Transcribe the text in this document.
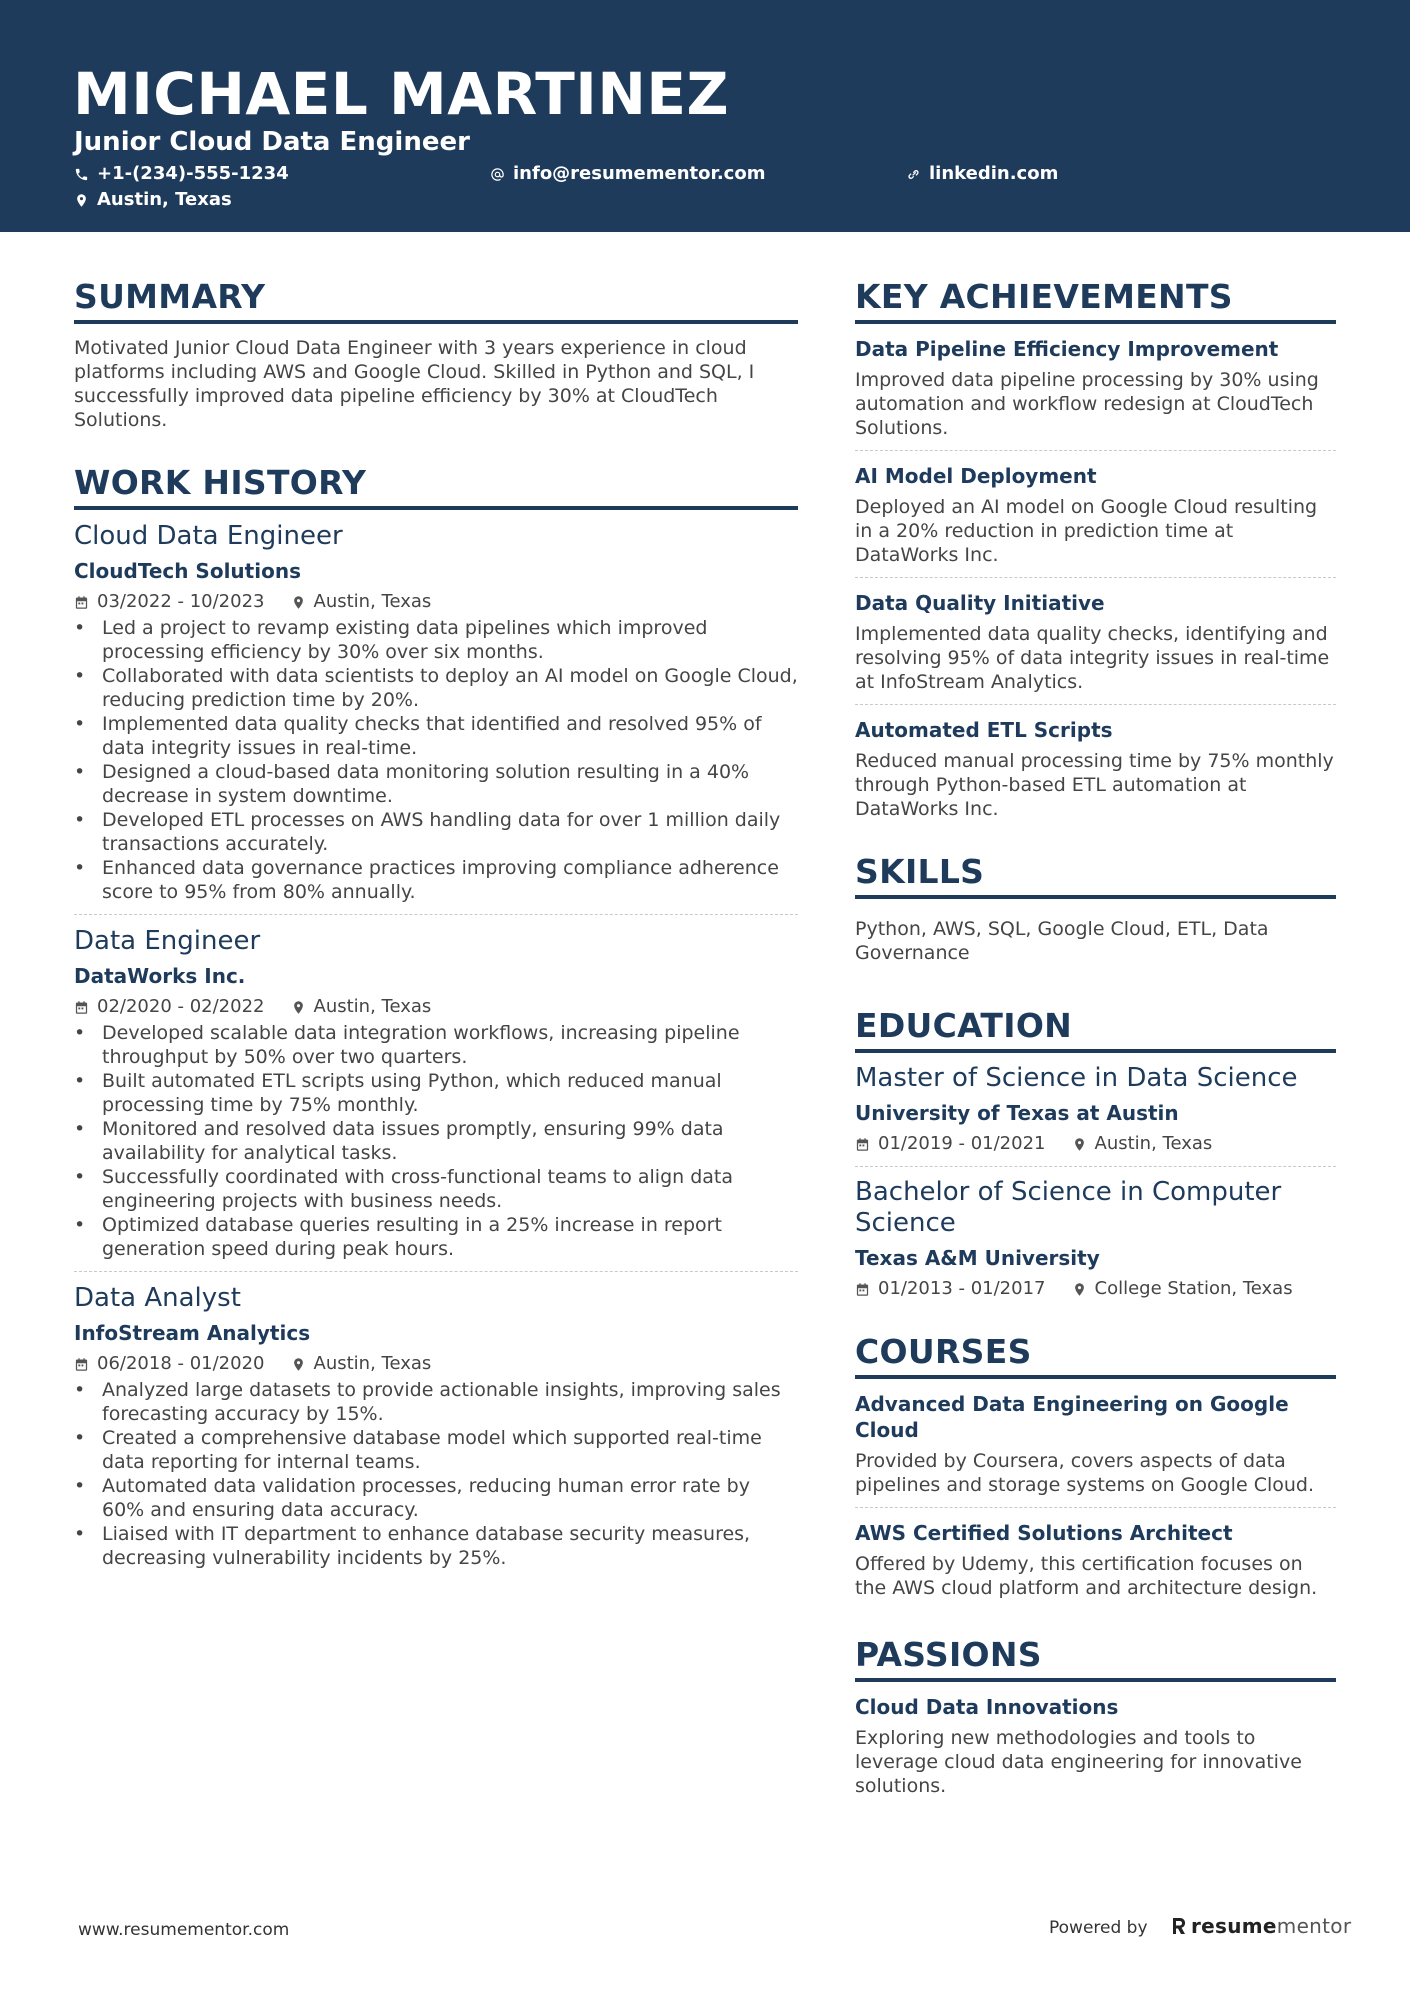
MICHAEL MARTINEZ
Junior Cloud Data Engineer
+1-(234)-555-1234	info@resumementor.com	linkedin.com
Austin, Texas
SUMMARY

Motivated Junior Cloud Data Engineer with 3 years experience in cloud platforms including AWS and Google Cloud. Skilled in Python and SQL, I successfully improved data pipeline efficiency by 30% at CloudTech Solutions.

WORK HISTORY
Cloud Data Engineer
CloudTech Solutions
03/2022 - 10/2023	Austin, Texas
• Led a project to revamp existing data pipelines which improved processing efficiency by 30% over six months.
• Collaborated with data scientists to deploy an AI model on Google Cloud, reducing prediction time by 20%.
• Implemented data quality checks that identified and resolved 95% of data integrity issues in real-time.
• Designed a cloud-based data monitoring solution resulting in a 40% decrease in system downtime.
• Developed ETL processes on AWS handling data for over 1 million daily transactions accurately.
• Enhanced data governance practices improving compliance adherence score to 95% from 80% annually.
Data Engineer
DataWorks Inc.
02/2020 - 02/2022	Austin, Texas
• Developed scalable data integration workflows, increasing pipeline throughput by 50% over two quarters.
• Built automated ETL scripts using Python, which reduced manual processing time by 75% monthly.
• Monitored and resolved data issues promptly, ensuring 99% data availability for analytical tasks.
• Successfully coordinated with cross-functional teams to align data engineering projects with business needs.
• Optimized database queries resulting in a 25% increase in report generation speed during peak hours.
Data Analyst
InfoStream Analytics
06/2018 - 01/2020	Austin, Texas
• Analyzed large datasets to provide actionable insights, improving sales forecasting accuracy by 15%.
• Created a comprehensive database model which supported real-time data reporting for internal teams.
• Automated data validation processes, reducing human error rate by 60% and ensuring data accuracy.
• Liaised with IT department to enhance database security measures, decreasing vulnerability incidents by 25%.
KEY ACHIEVEMENTS
Data Pipeline Efficiency Improvement
Improved data pipeline processing by 30% using automation and workflow redesign at CloudTech Solutions.
AI Model Deployment
Deployed an AI model on Google Cloud resulting in a 20% reduction in prediction time at DataWorks Inc.
Data Quality Initiative
Implemented data quality checks, identifying and resolving 95% of data integrity issues in real-time at InfoStream Analytics.
Automated ETL Scripts
Reduced manual processing time by 75% monthly through Python-based ETL automation at DataWorks Inc.
SKILLS
Python, AWS, SQL, Google Cloud, ETL, Data Governance
EDUCATION
Master of Science in Data Science
University of Texas at Austin
01/2019 - 01/2021	Austin, Texas
Bachelor of Science in Computer Science
Texas A&M University
01/2013 - 01/2017	College Station, Texas
COURSES
Advanced Data Engineering on Google Cloud
Provided by Coursera, covers aspects of data pipelines and storage systems on Google Cloud.
AWS Certified Solutions Architect
Offered by Udemy, this certification focuses on the AWS cloud platform and architecture design.
PASSIONS
Cloud Data Innovations
Exploring new methodologies and tools to leverage cloud data engineering for innovative solutions.
www.resumementor.com	Powered by resume mentor
